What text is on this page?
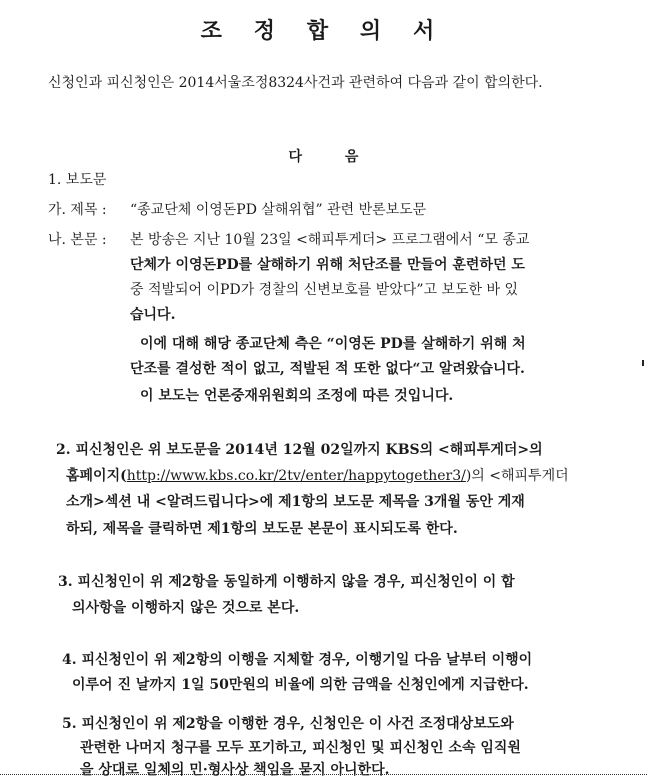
조 정 합 의 서
신청인과 피신청인은 2014서울조정8324사건과 관련하여 다음과 같이 합의한다.
다 음
1. 보도문
가. 제목 : “종교단체 이영돈PD 살해위협” 관련 반론보도문
나. 본문 : 본 방송은 지난 10월 23일 <해피투게더> 프로그램에서 “모 종교
단체가 이영돈PD를 살해하기 위해 처단조를 만들어 훈련하던 도
중 적발되어 이PD가 경찰의 신변보호를 받았다”고 보도한 바 있
습니다.
이에 대해 해당 종교단체 측은 “이영돈 PD를 살해하기 위해 처
단조를 결성한 적이 없고, 적발된 적 또한 없다“고 알려왔습니다.
이 보도는 언론중재위원회의 조정에 따른 것입니다.
2. 피신청인은 위 보도문을 2014년 12월 02일까지 KBS의 <해피투게더>의
홈페이지(http://www.kbs.co.kr/2tv/enter/happytogether3/)의 <해피투게더
소개>섹션 내 <알려드립니다>에 제1항의 보도문 제목을 3개월 동안 게재
하되, 제목을 클릭하면 제1항의 보도문 본문이 표시되도록 한다.
3. 피신청인이 위 제2항을 동일하게 이행하지 않을 경우, 피신청인이 이 합
의사항을 이행하지 않은 것으로 본다.
4. 피신청인이 위 제2항의 이행을 지체할 경우, 이행기일 다음 날부터 이행이
이루어 진 날까지 1일 50만원의 비율에 의한 금액을 신청인에게 지급한다.
5. 피신청인이 위 제2항을 이행한 경우, 신청인은 이 사건 조정대상보도와
관련한 나머지 청구를 모두 포기하고, 피신청인 및 피신청인 소속 임직원
을 상대로 일체의 민·형사상 책임을 묻지 아니한다.
